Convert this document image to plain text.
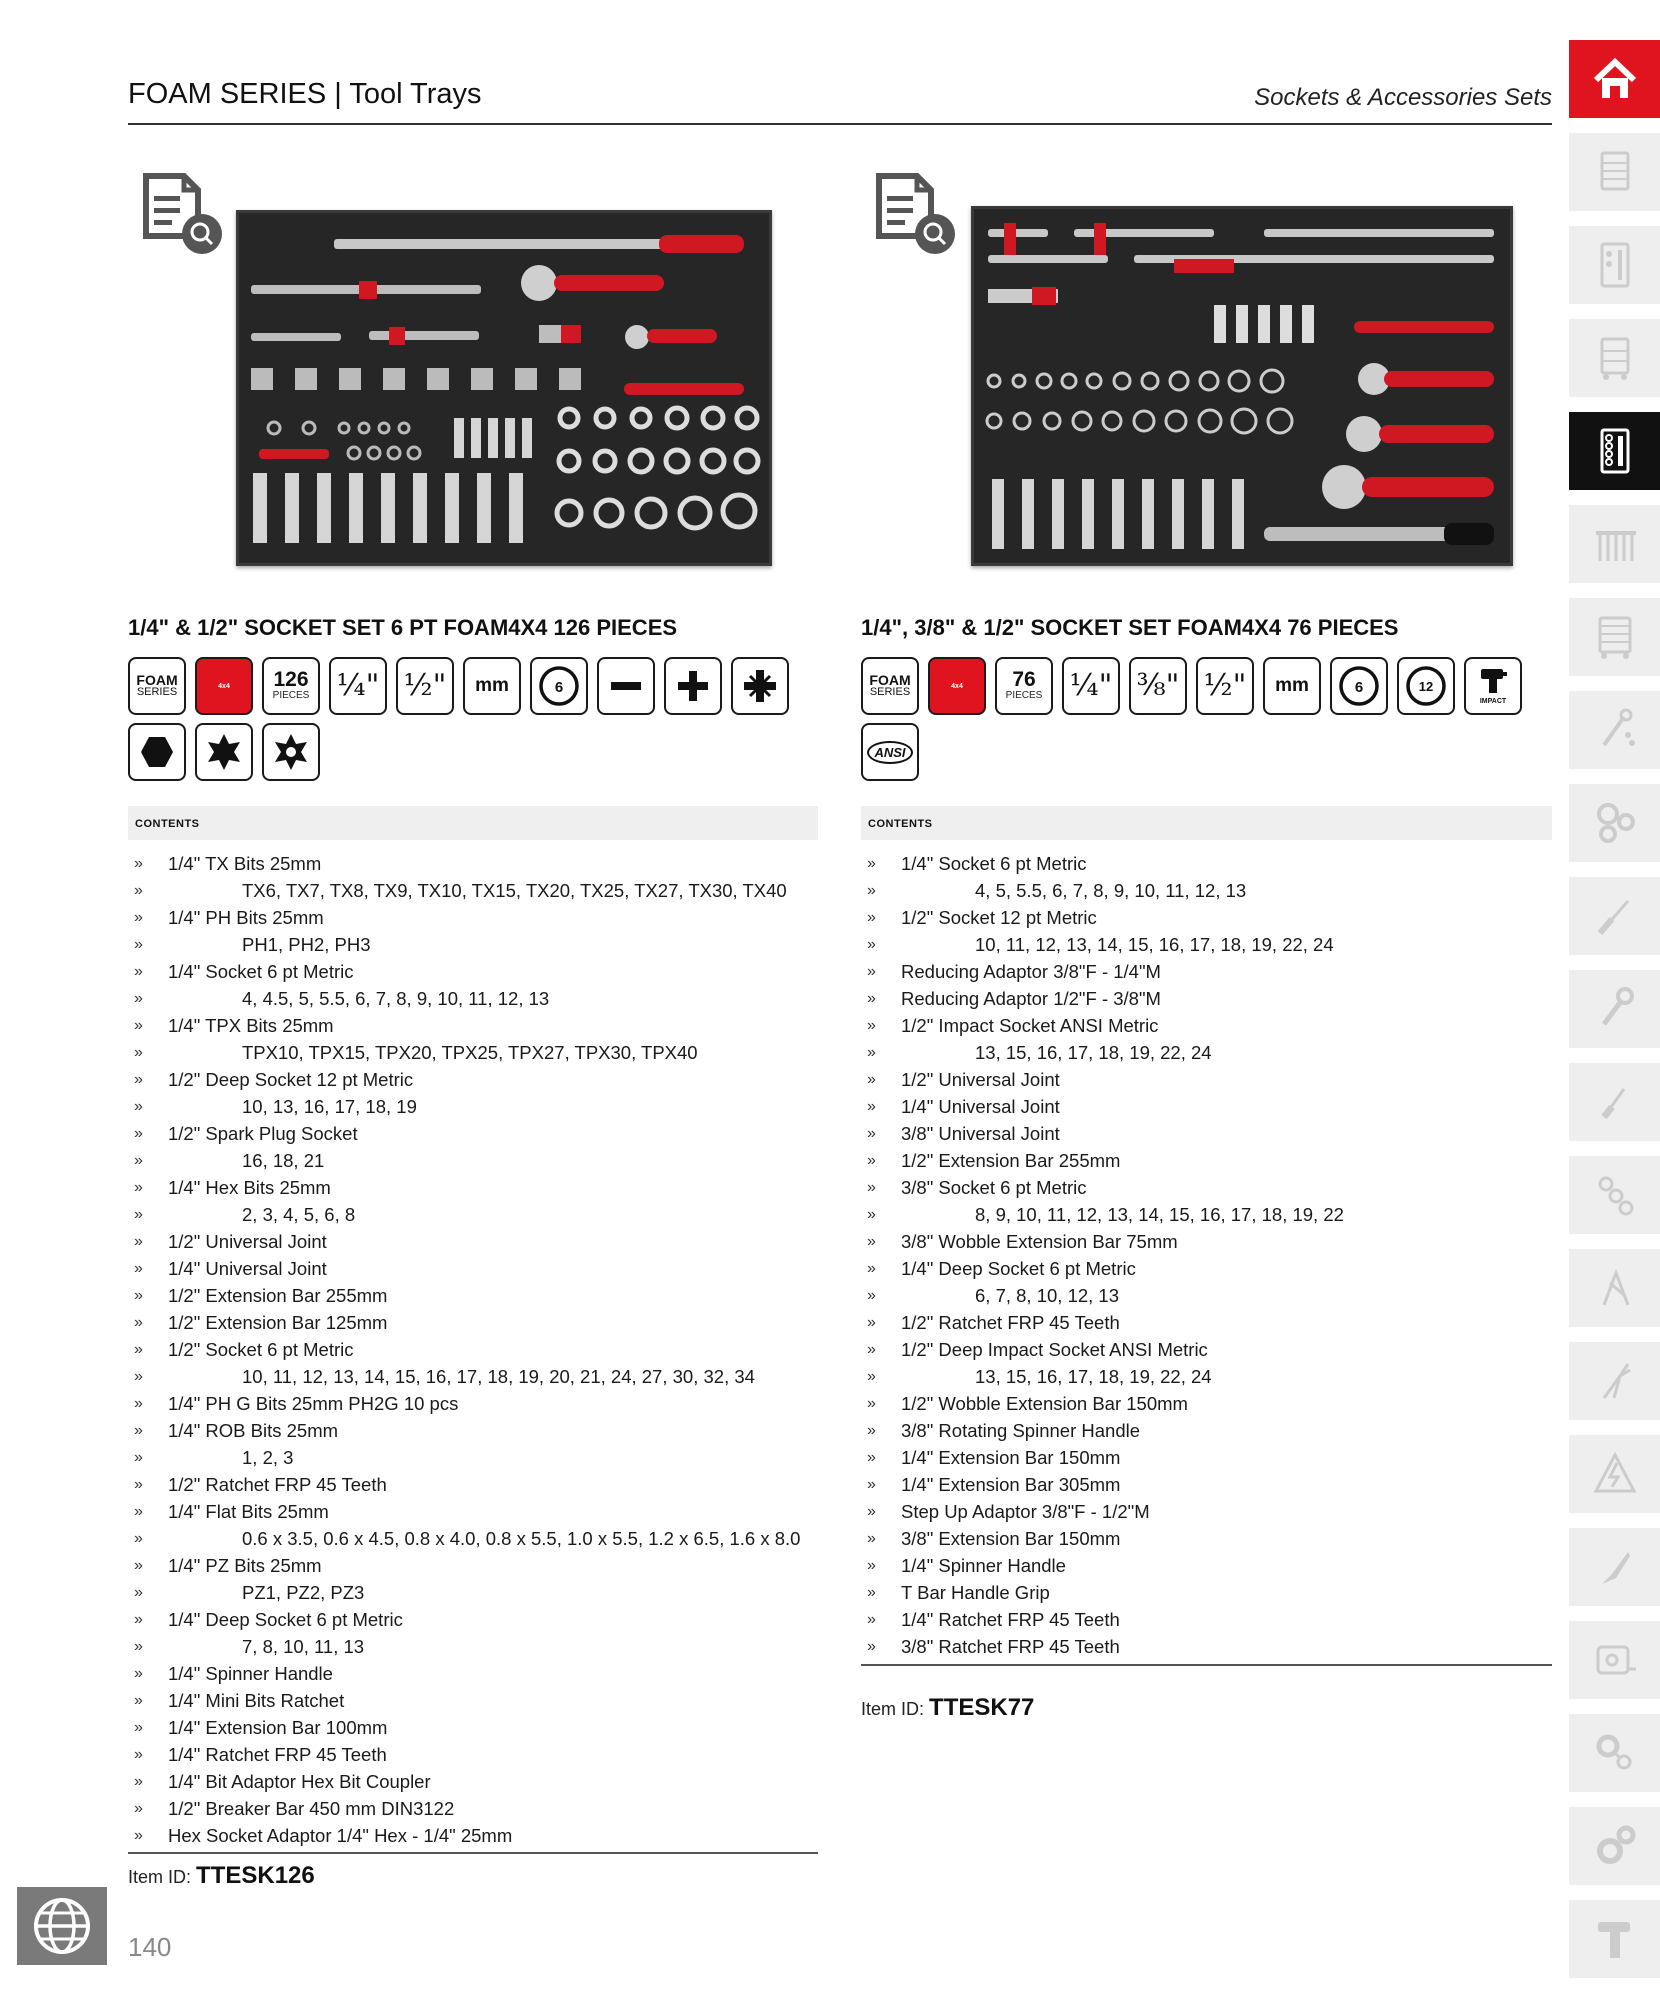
FOAM SERIES | Tool Trays	Sockets & Accessories Sets
1/4" & 1/2" SOCKET SET 6 PT FOAM4X4 126 PIECES
FOAM
SERIES	4x4 126
PIECES ¼" ½" mm	6
CONTENTS
» 1/4" TX Bits 25mm
»	TX6, TX7, TX8, TX9, TX10, TX15, TX20, TX25, TX27, TX30, TX40
» 1/4" PH Bits 25mm
»	PH1, PH2, PH3
» 1/4" Socket 6 pt Metric
»	4, 4.5, 5, 5.5, 6, 7, 8, 9, 10, 11, 12, 13
» 1/4" TPX Bits 25mm
»	TPX10, TPX15, TPX20, TPX25, TPX27, TPX30, TPX40
» 1/2" Deep Socket 12 pt Metric
»	10, 13, 16, 17, 18, 19
» 1/2" Spark Plug Socket
»	16, 18, 21
» 1/4" Hex Bits 25mm
»	2, 3, 4, 5, 6, 8
» 1/2" Universal Joint
» 1/4" Universal Joint
» 1/2" Extension Bar 255mm
» 1/2" Extension Bar 125mm
» 1/2" Socket 6 pt Metric
»	10, 11, 12, 13, 14, 15, 16, 17, 18, 19, 20, 21, 24, 27, 30, 32, 34
» 1/4" PH G Bits 25mm PH2G 10 pcs
» 1/4" ROB Bits 25mm
»	1, 2, 3
» 1/2" Ratchet FRP 45 Teeth
» 1/4" Flat Bits 25mm
»	0.6 x 3.5, 0.6 x 4.5, 0.8 x 4.0, 0.8 x 5.5, 1.0 x 5.5, 1.2 x 6.5, 1.6 x 8.0
» 1/4" PZ Bits 25mm
»	PZ1, PZ2, PZ3
» 1/4" Deep Socket 6 pt Metric
»	7, 8, 10, 11, 13
» 1/4" Spinner Handle
» 1/4" Mini Bits Ratchet
» 1/4" Extension Bar 100mm
» 1/4" Ratchet FRP 45 Teeth
» 1/4" Bit Adaptor Hex Bit Coupler
» 1/2" Breaker Bar 450 mm DIN3122
» Hex Socket Adaptor 1/4" Hex - 1/4" 25mm
Item ID: TTESK126
1/4", 3/8" & 1/2" SOCKET SET FOAM4X4 76 PIECES
FOAM
SERIES	4x4 76
PIECES ¼" ⅜" ½" mm	6	12
IMPACT
ANSI
CONTENTS
» 1/4" Socket 6 pt Metric
»	4, 5, 5.5, 6, 7, 8, 9, 10, 11, 12, 13
» 1/2" Socket 12 pt Metric
»	10, 11, 12, 13, 14, 15, 16, 17, 18, 19, 22, 24
» Reducing Adaptor 3/8"F - 1/4"M
» Reducing Adaptor 1/2"F - 3/8"M
» 1/2" Impact Socket ANSI Metric
»	13, 15, 16, 17, 18, 19, 22, 24
» 1/2" Universal Joint
» 1/4" Universal Joint
» 3/8" Universal Joint
» 1/2" Extension Bar 255mm
» 3/8" Socket 6 pt Metric
»	8, 9, 10, 11, 12, 13, 14, 15, 16, 17, 18, 19, 22
» 3/8" Wobble Extension Bar 75mm
» 1/4" Deep Socket 6 pt Metric
»	6, 7, 8, 10, 12, 13
» 1/2" Ratchet FRP 45 Teeth
» 1/2" Deep Impact Socket ANSI Metric
»	13, 15, 16, 17, 18, 19, 22, 24
» 1/2" Wobble Extension Bar 150mm
» 3/8" Rotating Spinner Handle
» 1/4" Extension Bar 150mm
» 1/4" Extension Bar 305mm
» Step Up Adaptor 3/8"F - 1/2"M
» 3/8" Extension Bar 150mm
» 1/4" Spinner Handle
» T Bar Handle Grip
» 1/4" Ratchet FRP 45 Teeth
» 3/8" Ratchet FRP 45 Teeth
Item ID: TTESK77
140
